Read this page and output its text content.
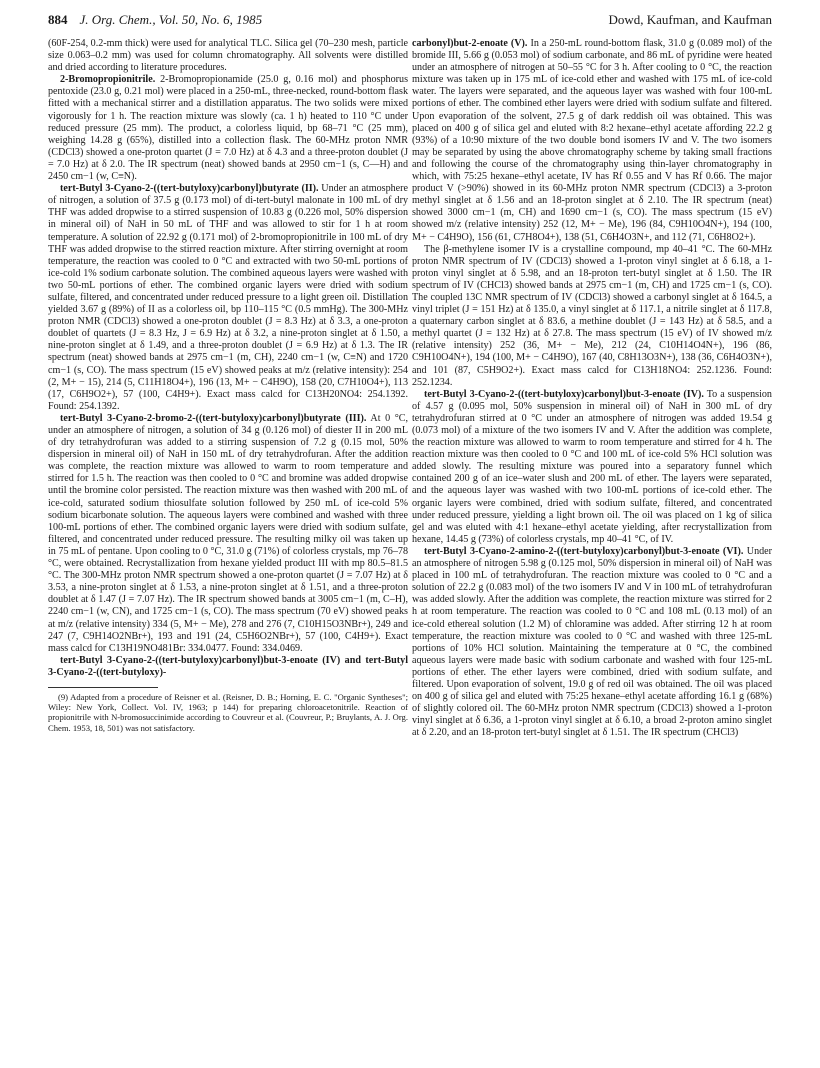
884 J. Org. Chem., Vol. 50, No. 6, 1985	Dowd, Kaufman, and Kaufman

(60F-254, 0.2-mm thick) were used for analytical TLC. Silica gel (70–230 mesh, particle size 0.063–0.2 mm) was used for column chromatography. All solvents were distilled and dried according to literature procedures.

2-Bromopropionitrile. 2-Bromopropionamide (25.0 g, 0.16 mol) and phosphorus pentoxide (23.0 g, 0.21 mol) were placed in a 250-mL, three-necked, round-bottom flask fitted with a mechanical stirrer and a distillation apparatus. The two solids were mixed vigorously for 1 h. The reaction mixture was slowly (ca. 1 h) heated to 110 °C under reduced pressure (25 mm). The product, a colorless liquid, bp 68–71 °C (25 mm), weighing 14.28 g (65%), distilled into a collection flask. The 60-MHz proton NMR (CDCl3) showed a one-proton quartet (J = 7.0 Hz) at δ 4.3 and a three-proton doublet (J = 7.0 Hz) at δ 2.0. The IR spectrum (neat) showed bands at 2950 cm−1 (s, C—H) and 2450 cm−1 (w, C≡N).

tert-Butyl 3-Cyano-2-((tert-butyloxy)carbonyl)butyrate (II). Under an atmosphere of nitrogen, a solution of 37.5 g (0.173 mol) of di-tert-butyl malonate in 100 mL of dry THF was added dropwise to a stirred suspension of 10.83 g (0.226 mol, 50% dispersion in mineral oil) of NaH in 50 mL of THF and was allowed to stir for 1 h at room temperature. A solution of 22.92 g (0.171 mol) of 2-bromopropionitrile in 100 mL of dry THF was added dropwise to the stirred reaction mixture. After stirring overnight at room temperature, the reaction was cooled to 0 °C and extracted with two 50-mL portions of ice-cold 1% sodium carbonate solution. The combined aqueous layers were washed with two 50-mL portions of ether. The combined organic layers were dried with sodium sulfate, filtered, and concentrated under reduced pressure to a light green oil. Distillation yielded 3.67 g (89%) of II as a colorless oil, bp 110–115 °C (0.5 mmHg). The 300-MHz proton NMR (CDCl3) showed a one-proton doublet (J = 8.3 Hz) at δ 3.3, a one-proton doublet of quartets (J = 8.3 Hz, J = 6.9 Hz) at δ 3.2, a nine-proton singlet at δ 1.50, a nine-proton singlet at δ 1.49, and a three-proton doublet (J = 6.9 Hz) at δ 1.3. The IR spectrum (neat) showed bands at 2975 cm−1 (m, CH), 2240 cm−1 (w, C≡N) and 1720 cm−1 (s, CO). The mass spectrum (15 eV) showed peaks at m/z (relative intensity): 254 (2, M+ − 15), 214 (5, C11H18O4+), 196 (13, M+ − C4H9O), 158 (20, C7H10O4+), 113 (17, C6H9O2+), 57 (100, C4H9+). Exact mass calcd for C13H20NO4: 254.1392. Found: 254.1392.

tert-Butyl 3-Cyano-2-bromo-2-((tert-butyloxy)carbonyl)butyrate (III). At 0 °C, under an atmosphere of nitrogen, a solution of 34 g (0.126 mol) of diester II in 200 mL of dry tetrahydrofuran was added to a stirring suspension of 7.2 g (0.15 mol, 50% dispersion in mineral oil) of NaH in 150 mL of dry tetrahydrofuran. After the addition was complete, the reaction mixture was allowed to warm to room temperature and stirred for 1.5 h. The reaction was then cooled to 0 °C and bromine was added dropwise until the bromine color persisted. The reaction mixture was then washed with 200 mL of ice-cold, saturated sodium thiosulfate solution followed by 250 mL of ice-cold 5% sodium bicarbonate solution. The aqueous layers were combined and washed with three 100-mL portions of ether. The combined organic layers were dried with sodium sulfate, filtered, and concentrated under reduced pressure. The resulting milky oil was taken up in 75 mL of pentane. Upon cooling to 0 °C, 31.0 g (71%) of colorless crystals, mp 76–78 °C, were obtained. Recrystallization from hexane yielded product III with mp 80.5–81.5 °C. The 300-MHz proton NMR spectrum showed a one-proton quartet (J = 7.07 Hz) at δ 3.53, a nine-proton singlet at δ 1.53, a nine-proton singlet at δ 1.51, and a three-proton doublet at δ 1.47 (J = 7.07 Hz). The IR spectrum showed bands at 3005 cm−1 (m, C–H), 2240 cm−1 (w, CN), and 1725 cm−1 (s, CO). The mass spectrum (70 eV) showed peaks at m/z (relative intensity) 334 (5, M+ − Me), 278 and 276 (7, C10H15O3NBr+), 249 and 247 (7, C9H14O2NBr+), 193 and 191 (24, C5H6O2NBr+), 57 (100, C4H9+). Exact mass calcd for C13H19NO481Br: 334.0477. Found: 334.0469.

tert-Butyl 3-Cyano-2-((tert-butyloxy)carbonyl)but-3-enoate (IV) and tert-Butyl 3-Cyano-2-((tert-butyloxy)-

(9) Adapted from a procedure of Reisner et al. (Reisner, D. B.; Horning, E. C. "Organic Syntheses"; Wiley: New York, Collect. Vol. IV, 1963; p 144) for preparing chloroacetonitrile. Reaction of propionitrile with N-bromosuccinimide according to Couvreur et al. (Couvreur, P.; Bruylants, A. J. Org. Chem. 1953, 18, 501) was not satisfactory.

carbonyl)but-2-enoate (V). In a 250-mL round-bottom flask, 31.0 g (0.089 mol) of the bromide III, 5.66 g (0.053 mol) of sodium carbonate, and 86 mL of pyridine were heated under an atmosphere of nitrogen at 50–55 °C for 3 h. After cooling to 0 °C, the reaction mixture was taken up in 175 mL of ice-cold ether and washed with 175 mL of ice-cold water. The layers were separated, and the aqueous layer was washed with four 100-mL portions of ether. The combined ether layers were dried with sodium sulfate and filtered. Upon evaporation of the solvent, 27.5 g of dark reddish oil was obtained. This was placed on 400 g of silica gel and eluted with 8:2 hexane–ethyl acetate affording 22.2 g (93%) of a 10:90 mixture of the two double bond isomers IV and V. The two isomers may be separated by using the above chromatography scheme by taking small fractions and following the course of the chromatography using thin-layer chromatography in which, with 75:25 hexane–ethyl acetate, IV has Rf 0.55 and V has Rf 0.66. The major product V (>90%) showed in its 60-MHz proton NMR spectrum (CDCl3) a 3-proton methyl singlet at δ 1.56 and an 18-proton singlet at δ 2.10. The IR spectrum (neat) showed 3000 cm−1 (m, CH) and 1690 cm−1 (s, CO). The mass spectrum (15 eV) showed m/z (relative intensity) 252 (12, M+ − Me), 196 (84, C9H10O4N+), 194 (100, M+ − C4H9O), 156 (61, C7H8O4+), 138 (51, C6H4O3N+, and 112 (71, C6H8O2+).

The β-methylene isomer IV is a crystalline compound, mp 40–41 °C. The 60-MHz proton NMR spectrum of IV (CDCl3) showed a 1-proton vinyl singlet at δ 6.18, a 1-proton vinyl singlet at δ 5.98, and an 18-proton tert-butyl singlet at δ 1.50. The IR spectrum of IV (CHCl3) showed bands at 2975 cm−1 (m, CH) and 1725 cm−1 (s, CO). The coupled 13C NMR spectrum of IV (CDCl3) showed a carbonyl singlet at δ 164.5, a vinyl triplet (J = 151 Hz) at δ 135.0, a vinyl singlet at δ 117.1, a nitrile singlet at δ 117.8, a quaternary carbon singlet at δ 83.6, a methine doublet (J = 143 Hz) at δ 58.5, and a methyl quartet (J = 132 Hz) at δ 27.8. The mass spectrum (15 eV) of IV showed m/z (relative intensity) 252 (36, M+ − Me), 212 (24, C10H14O4N+), 196 (86, C9H10O4N+), 194 (100, M+ − C4H9O), 167 (40, C8H13O3N+), 138 (36, C6H4O3N+), and 101 (87, C5H9O2+). Exact mass calcd for C13H18NO4: 252.1236. Found: 252.1234.

tert-Butyl 3-Cyano-2-((tert-butyloxy)carbonyl)but-3-enoate (IV). To a suspension of 4.57 g (0.095 mol, 50% suspension in mineral oil) of NaH in 300 mL of dry tetrahydrofuran stirred at 0 °C under an atmosphere of nitrogen was added 19.54 g (0.073 mol) of a mixture of the two isomers IV and V. After the addition was complete, the reaction mixture was allowed to warm to room temperature and stirred for 4 h. The reaction mixture was then cooled to 0 °C and 100 mL of ice-cold 5% HCl solution was added slowly. The resulting mixture was poured into a separatory funnel which contained 200 g of an ice–water slush and 200 mL of ether. The layers were separated, and the aqueous layer was washed with two 100-mL portions of ice-cold ether. The organic layers were combined, dried with sodium sulfate, filtered, and concentrated under reduced pressure, yielding a light brown oil. The oil was placed on 1 kg of silica gel and was eluted with 4:1 hexane–ethyl acetate yielding, after recrystallization from hexane, 14.45 g (73%) of colorless crystals, mp 40–41 °C, of IV.

tert-Butyl 3-Cyano-2-amino-2-((tert-butyloxy)carbonyl)but-3-enoate (VI). Under an atmosphere of nitrogen 5.98 g (0.125 mol, 50% dispersion in mineral oil) of NaH was placed in 100 mL of tetrahydrofuran. The reaction mixture was cooled to 0 °C and a solution of 22.2 g (0.083 mol) of the two isomers IV and V in 100 mL of tetrahydrofuran was added slowly. After the addition was complete, the reaction mixture was stirred for 2 h at room temperature. The reaction was cooled to 0 °C and 108 mL (0.13 mol) of an ice-cold ethereal solution (1.2 M) of chloramine was added. After stirring 12 h at room temperature, the reaction mixture was cooled to 0 °C and washed with three 125-mL portions of 10% HCl solution. Maintaining the temperature at 0 °C, the combined aqueous layers were made basic with sodium carbonate and washed with four 125-mL portions of ether. The ether layers were combined, dried with sodium sulfate, and filtered. Upon evaporation of solvent, 19.0 g of red oil was obtained. The oil was placed on 400 g of silica gel and eluted with 75:25 hexane–ethyl acetate affording 16.1 g (68%) of slightly colored oil. The 60-MHz proton NMR spectrum (CDCl3) showed a 1-proton vinyl singlet at δ 6.36, a 1-proton vinyl singlet at δ 6.10, a broad 2-proton amino singlet at δ 2.20, and an 18-proton tert-butyl singlet at δ 1.51. The IR spectrum (CHCl3)
